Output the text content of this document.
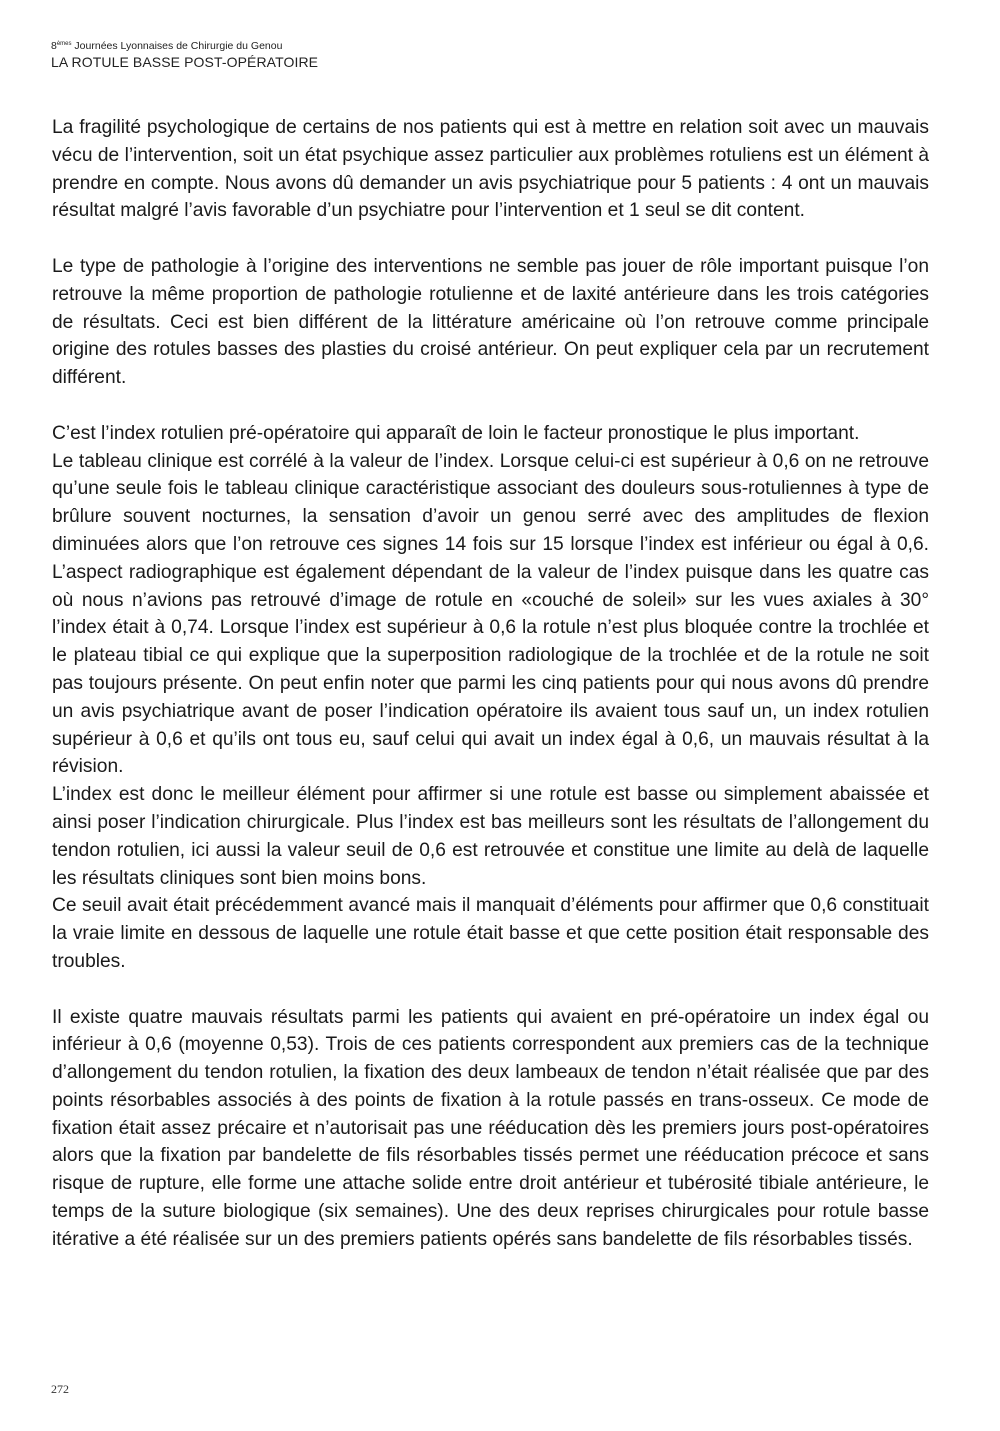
8èmes Journées Lyonnaises de Chirurgie du Genou
LA ROTULE BASSE POST-OPÉRATOIRE

La fragilité psychologique de certains de nos patients qui est à mettre en relation soit avec un mauvais vécu de l’intervention, soit un état psychique assez particulier aux problèmes rotuliens est un élément à prendre en compte. Nous avons dû demander un avis psychiatrique pour 5 patients : 4 ont un mauvais résultat malgré l’avis favorable d’un psychiatre pour l’intervention et 1 seul se dit content.

Le type de pathologie à l’origine des interventions ne semble pas jouer de rôle important puisque l’on retrouve la même proportion de pathologie rotulienne et de laxité antérieure dans les trois catégories de résultats. Ceci est bien différent de la littérature américaine où l’on retrouve comme principale origine des rotules basses des plasties du croisé antérieur. On peut expliquer cela par un recrutement différent.

C’est l’index rotulien pré-opératoire qui apparaît de loin le facteur pronostique le plus important.

Le tableau clinique est corrélé à la valeur de l’index. Lorsque celui-ci est supérieur à 0,6 on ne retrouve qu’une seule fois le tableau clinique caractéristique associant des douleurs sous-rotuliennes à type de brûlure souvent nocturnes, la sensation d’avoir un genou serré avec des amplitudes de flexion diminuées alors que l’on retrouve ces signes 14 fois sur 15 lorsque l’index est inférieur ou égal à 0,6. L’aspect radiographique est également dépendant de la valeur de l’index puisque dans les quatre cas où nous n’avions pas retrouvé d’image de rotule en «couché de soleil» sur les vues axiales à 30° l’index était à 0,74. Lorsque l’index est supérieur à 0,6 la rotule n’est plus bloquée contre la trochlée et le plateau tibial ce qui explique que la superposition radiologique de la trochlée et de la rotule ne soit pas toujours présente. On peut enfin noter que parmi les cinq patients pour qui nous avons dû prendre un avis psychiatrique avant de poser l’indication opératoire ils avaient tous sauf un, un index rotulien supérieur à 0,6 et qu’ils ont tous eu, sauf celui qui avait un index égal à 0,6, un mauvais résultat à la révision.

L’index est donc le meilleur élément pour affirmer si une rotule est basse ou simplement abaissée et ainsi poser l’indication chirurgicale. Plus l’index est bas meilleurs sont les résultats de l’allongement du tendon rotulien, ici aussi la valeur seuil de 0,6 est retrouvée et constitue une limite au delà de laquelle les résultats cliniques sont bien moins bons.

Ce seuil avait était précédemment avancé mais il manquait d’éléments pour affirmer que 0,6 constituait la vraie limite en dessous de laquelle une rotule était basse et que cette position était responsable des troubles.

Il existe quatre mauvais résultats parmi les patients qui avaient en pré-opératoire un index égal ou inférieur à 0,6 (moyenne 0,53). Trois de ces patients correspondent aux premiers cas de la technique d’allongement du tendon rotulien, la fixation des deux lambeaux de tendon n’était réalisée que par des points résorbables associés à des points de fixation à la rotule passés en trans-osseux. Ce mode de fixation était assez précaire et n’autorisait pas une rééducation dès les premiers jours post-opératoires alors que la fixation par bandelette de fils résorbables tissés permet une rééducation précoce et sans risque de rupture, elle forme une attache solide entre droit antérieur et tubérosité tibiale antérieure, le temps de la suture biologique (six semaines). Une des deux reprises chirurgicales pour rotule basse itérative a été réalisée sur un des premiers patients opérés sans bandelette de fils résorbables tissés.

272
